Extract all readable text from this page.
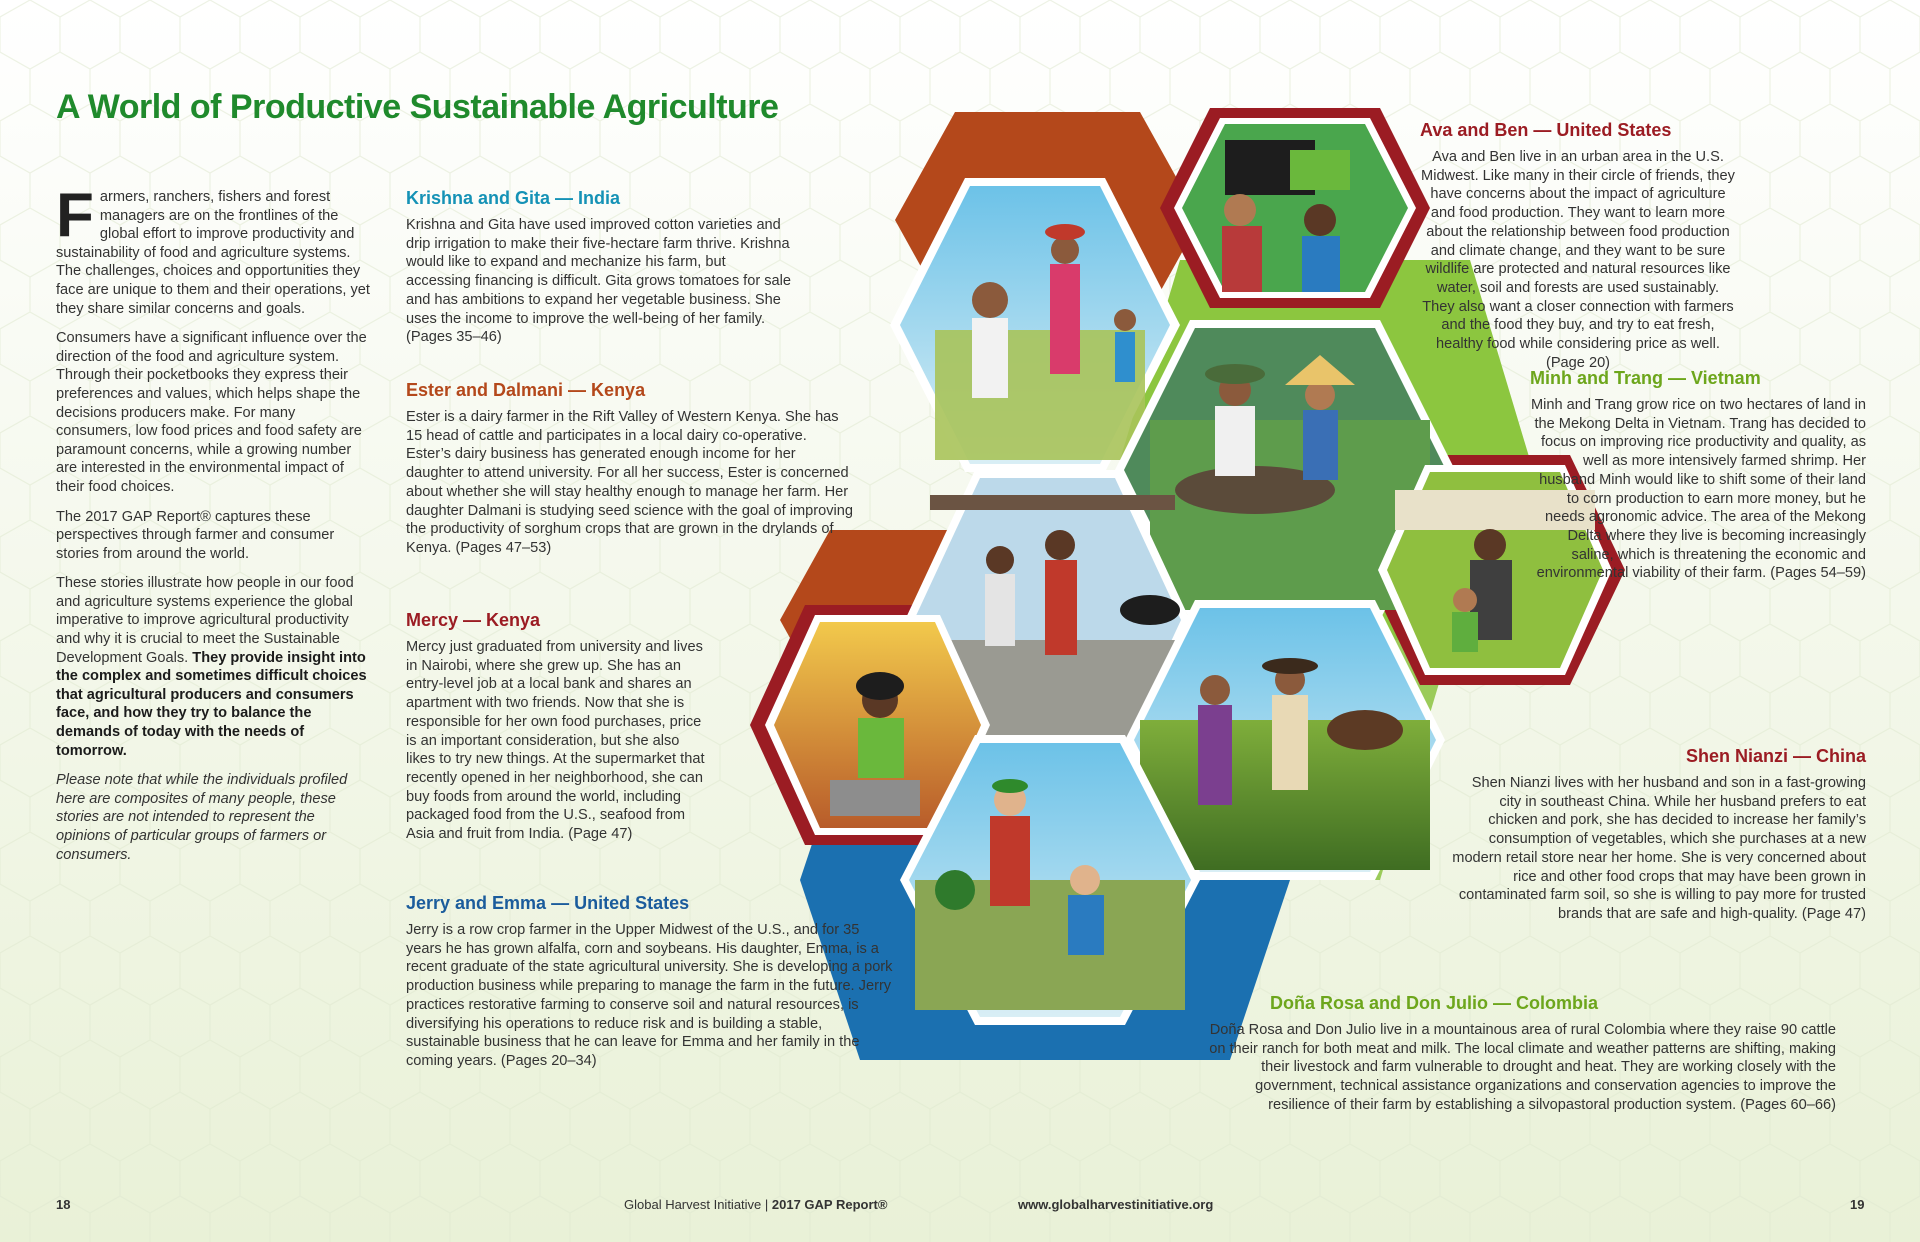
A World of Productive Sustainable Agriculture

Farmers, ranchers, fishers and forest managers are on the frontlines of the global effort to improve productivity and sustainability of food and agriculture systems. The challenges, choices and opportunities they face are unique to them and their operations, yet they share similar concerns and goals.

Consumers have a significant influence over the direction of the food and agriculture system. Through their pocketbooks they express their preferences and values, which helps shape the decisions producers make. For many consumers, low food prices and food safety are paramount concerns, while a growing number are interested in the environmental impact of their food choices.

The 2017 GAP Report® captures these perspectives through farmer and consumer stories from around the world.

These stories illustrate how people in our food and agriculture systems experience the global imperative to improve agricultural productivity and why it is crucial to meet the Sustainable Development Goals. They provide insight into the complex and sometimes difficult choices that agricultural producers and consumers face, and how they try to balance the demands of today with the needs of tomorrow.

Please note that while the individuals profiled here are composites of many people, these stories are not intended to represent the opinions of particular groups of farmers or consumers.

Krishna and Gita — India

Krishna and Gita have used improved cotton varieties and drip irrigation to make their five-hectare farm thrive. Krishna would like to expand and mechanize his farm, but accessing financing is difficult. Gita grows tomatoes for sale and has ambitions to expand her vegetable business. She uses the income to improve the well-being of her family. (Pages 35–46)

Ester and Dalmani — Kenya

Ester is a dairy farmer in the Rift Valley of Western Kenya. She has 15 head of cattle and participates in a local dairy co-operative. Ester’s dairy business has generated enough income for her daughter to attend university. For all her success, Ester is concerned about whether she will stay healthy enough to manage her farm. Her daughter Dalmani is studying seed science with the goal of improving the productivity of sorghum crops that are grown in the drylands of Kenya. (Pages 47–53)

Mercy — Kenya

Mercy just graduated from university and lives in Nairobi, where she grew up. She has an entry-level job at a local bank and shares an apartment with two friends. Now that she is responsible for her own food purchases, price is an important consideration, but she also likes to try new things. At the supermarket that recently opened in her neighborhood, she can buy foods from around the world, including packaged food from the U.S., seafood from Asia and fruit from India. (Page 47)

Jerry and Emma — United States

Jerry is a row crop farmer in the Upper Midwest of the U.S., and for 35 years he has grown alfalfa, corn and soybeans. His daughter, Emma, is a recent graduate of the state agricultural university. She is developing a pork production business while preparing to manage the farm in the future. Jerry practices restorative farming to conserve soil and natural resources, is diversifying his operations to reduce risk and is building a stable, sustainable business that he can leave for Emma and her family in the coming years. (Pages 20–34)

Ava and Ben — United States

Ava and Ben live in an urban area in the U.S. Midwest. Like many in their circle of friends, they have concerns about the impact of agriculture and food production. They want to learn more about the relationship between food production and climate change, and they want to be sure wildlife are protected and natural resources like water, soil and forests are used sustainably. They also want a closer connection with farmers and the food they buy, and try to eat fresh, healthy food while considering price as well. (Page 20)

Minh and Trang — Vietnam

Minh and Trang grow rice on two hectares of land in the Mekong Delta in Vietnam. Trang has decided to focus on improving rice productivity and quality, as well as more intensively farmed shrimp. Her husband Minh would like to shift some of their land to corn production to earn more money, but he needs agronomic advice. The area of the Mekong Delta where they live is becoming increasingly saline, which is threatening the economic and environmental viability of their farm. (Pages 54–59)

Shen Nianzi — China

Shen Nianzi lives with her husband and son in a fast-growing city in southeast China. While her husband prefers to eat chicken and pork, she has decided to increase her family’s consumption of vegetables, which she purchases at a new modern retail store near her home. She is very concerned about rice and other food crops that may have been grown in contaminated farm soil, so she is willing to pay more for trusted brands that are safe and high-quality. (Page 47)

Doña Rosa and Don Julio — Colombia

Doña Rosa and Don Julio live in a mountainous area of rural Colombia where they raise 90 cattle on their ranch for both meat and milk. The local climate and weather patterns are shifting, making their livestock and farm vulnerable to drought and heat. They are working closely with the government, technical assistance organizations and conservation agencies to improve the resilience of their farm by establishing a silvopastoral production system. (Pages 60–66)

18	Global Harvest Initiative | 2017 GAP Report®	www.globalharvestinitiative.org	19
